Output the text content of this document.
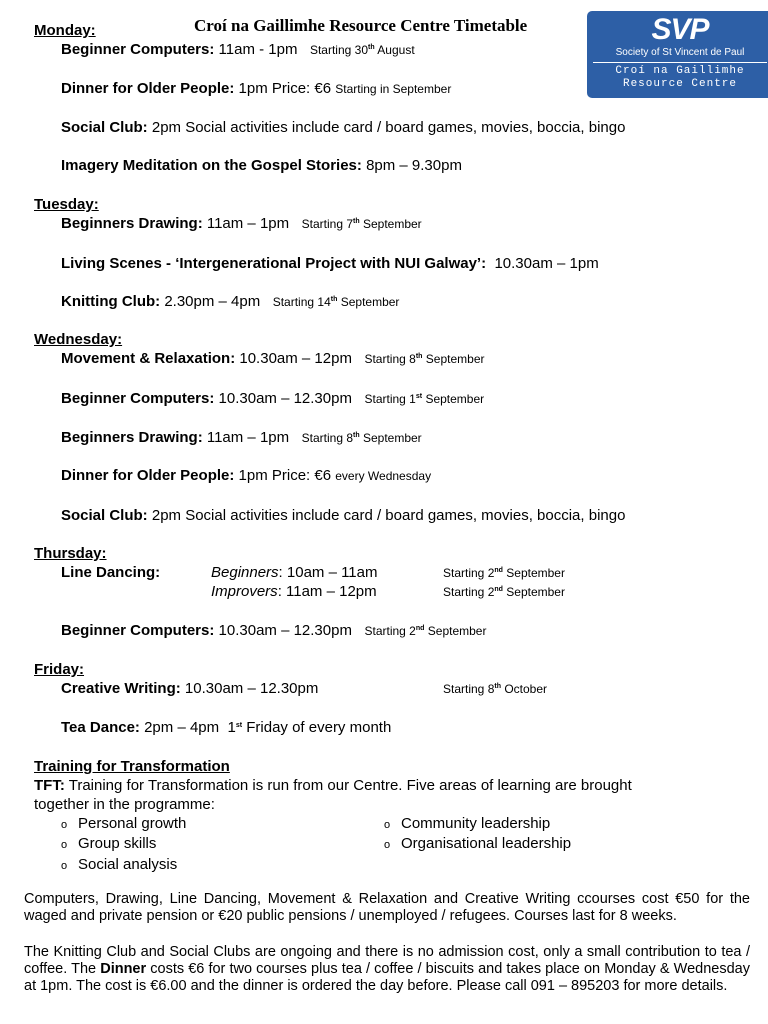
Croí na Gaillimhe Resource Centre Timetable	SVP
Society of St Vincent de Paul
Croí na Gaillimhe
Resource Centre
Monday:
Beginner Computers: 11am - 1pm Starting 30th August
Dinner for Older People: 1pm Price: €6 Starting in September
Social Club: 2pm Social activities include card / board games, movies, boccia, bingo
Imagery Meditation on the Gospel Stories: 8pm – 9.30pm
Tuesday:
Beginners Drawing: 11am – 1pm Starting 7th September
Living Scenes - ‘Intergenerational Project with NUI Galway’: 10.30am – 1pm
Knitting Club: 2.30pm – 4pm Starting 14th September
Wednesday:
Movement & Relaxation: 10.30am – 12pm Starting 8th September
Beginner Computers: 10.30am – 12.30pm Starting 1st September
Beginners Drawing: 11am – 1pm Starting 8th September
Dinner for Older People: 1pm Price: €6 every Wednesday
Social Club: 2pm Social activities include card / board games, movies, boccia, bingo
Thursday:
Line Dancing:	Beginners: 10am – 11am	Starting 2nd September
Improvers: 11am – 12pm	Starting 2nd September
Beginner Computers: 10.30am – 12.30pm Starting 2nd September
Friday:
Creative Writing: 10.30am – 12.30pm	Starting 8th October
Tea Dance: 2pm – 4pm 1st Friday of every month
Training for Transformation
TFT: Training for Transformation is run from our Centre. Five areas of learning are brought
together in the programme:
o Personal growth
o Group skills
o Social analysis
o Community leadership
o Organisational leadership
Computers, Drawing, Line Dancing, Movement & Relaxation and Creative Writing ccourses cost €50 for the waged and private pension or €20 public pensions / unemployed / refugees. Courses last for 8 weeks.
The Knitting Club and Social Clubs are ongoing and there is no admission cost, only a small contribution to tea / coffee. The Dinner costs €6 for two courses plus tea / coffee / biscuits and takes place on Monday & Wednesday at 1pm. The cost is €6.00 and the dinner is ordered the day before. Please call 091 – 895203 for more details.
